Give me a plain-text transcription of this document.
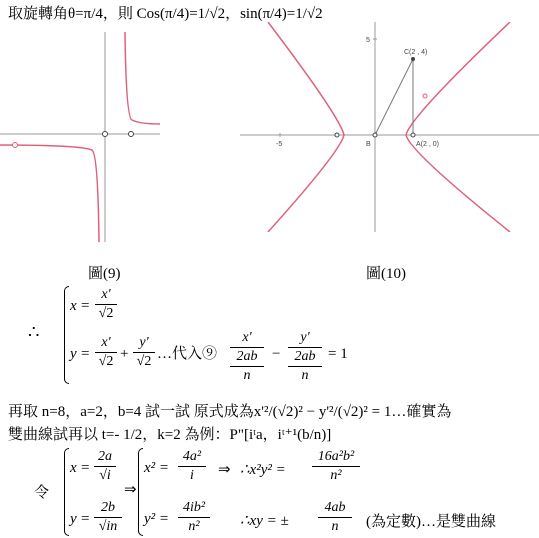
取旋轉角θ=π/4，則 Cos(π/4)=1/√2，sin(π/4)=1/√2
5
-5
C(2 , 4)
B	A(2 , 0)
圖(9)	圖(10)
∴
x =
x'
√2
y =
x'
√2 +
y'
√2 …代入⑨
x'
2ab
n
−
y'
2ab
n
= 1
再取 n=8，a=2，b=4 試一試 原式成為x'²/(√2)² − y'²/(√2)² = 1…確實為
雙曲線試再以 t=- 1/2，k=2 為例：P"[iᵗa，iᵗ⁺¹(b/n)]
令
x =
2a
√i
y =
2b
√in
⇒
x² =
4a²
i	⇒ ∴x²y² =
16a²b²
n²
y² =
4ib²
n²	∴xy = ±
4ab
n	(為定數)…是雙曲線
